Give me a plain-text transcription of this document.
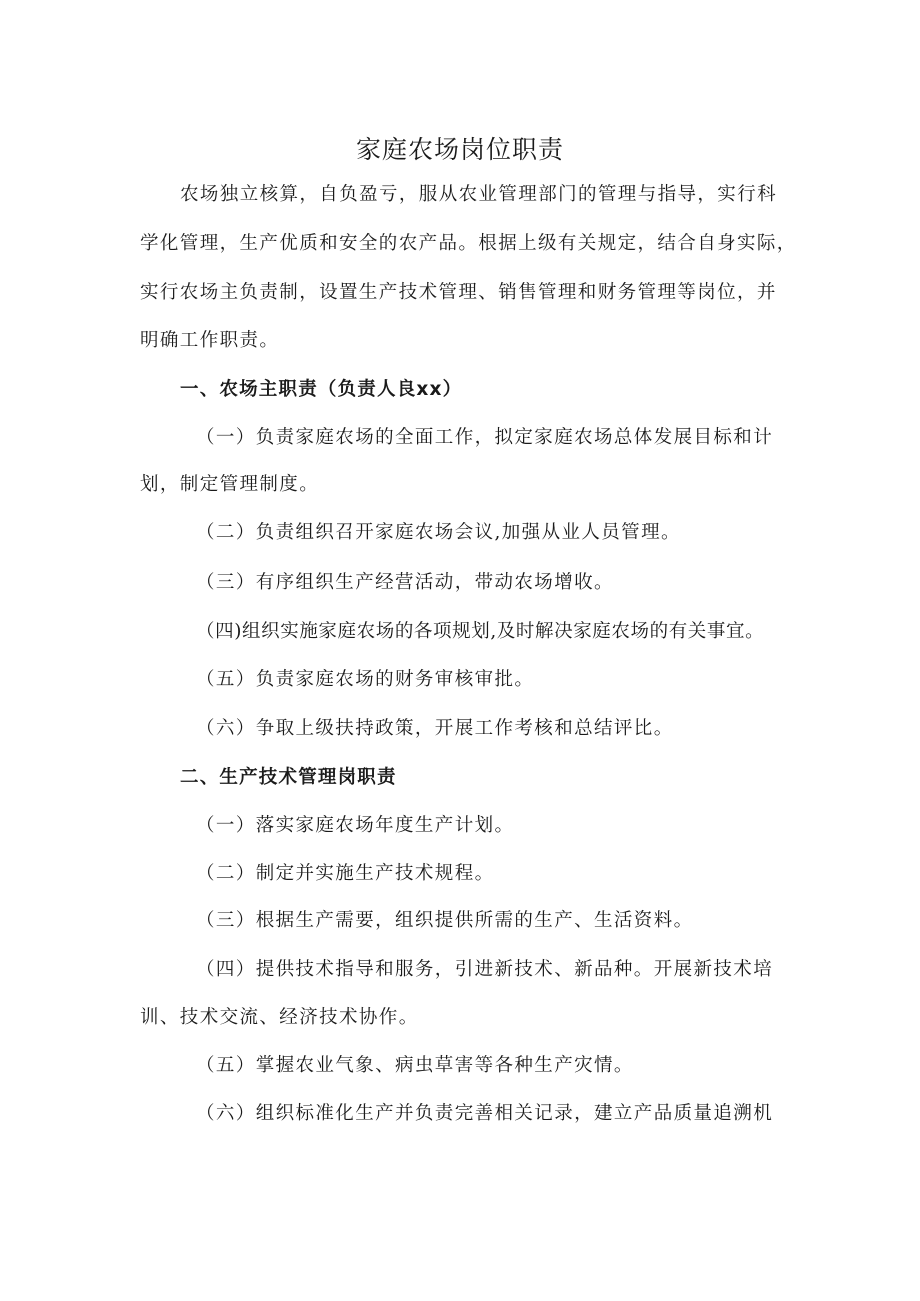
家庭农场岗位职责
农场独立核算，自负盈亏，服从农业管理部门的管理与指导，实行科
学化管理，生产优质和安全的农产品。根据上级有关规定，结合自身实际，
实行农场主负责制，设置生产技术管理、销售管理和财务管理等岗位，并
明确工作职责。
一、农场主职责（负责人良xx）
（一）负责家庭农场的全面工作，拟定家庭农场总体发展目标和计
划，制定管理制度。
（二）负责组织召开家庭农场会议,加强从业人员管理。
（三）有序组织生产经营活动，带动农场增收。
（四)组织实施家庭农场的各项规划,及时解决家庭农场的有关事宜。
（五）负责家庭农场的财务审核审批。
（六）争取上级扶持政策，开展工作考核和总结评比。
二、生产技术管理岗职责
（一）落实家庭农场年度生产计划。
（二）制定并实施生产技术规程。
（三）根据生产需要，组织提供所需的生产、生活资料。
（四）提供技术指导和服务，引进新技术、新品种。开展新技术培
训、技术交流、经济技术协作。
（五）掌握农业气象、病虫草害等各种生产灾情。
（六）组织标准化生产并负责完善相关记录，建立产品质量追溯机
